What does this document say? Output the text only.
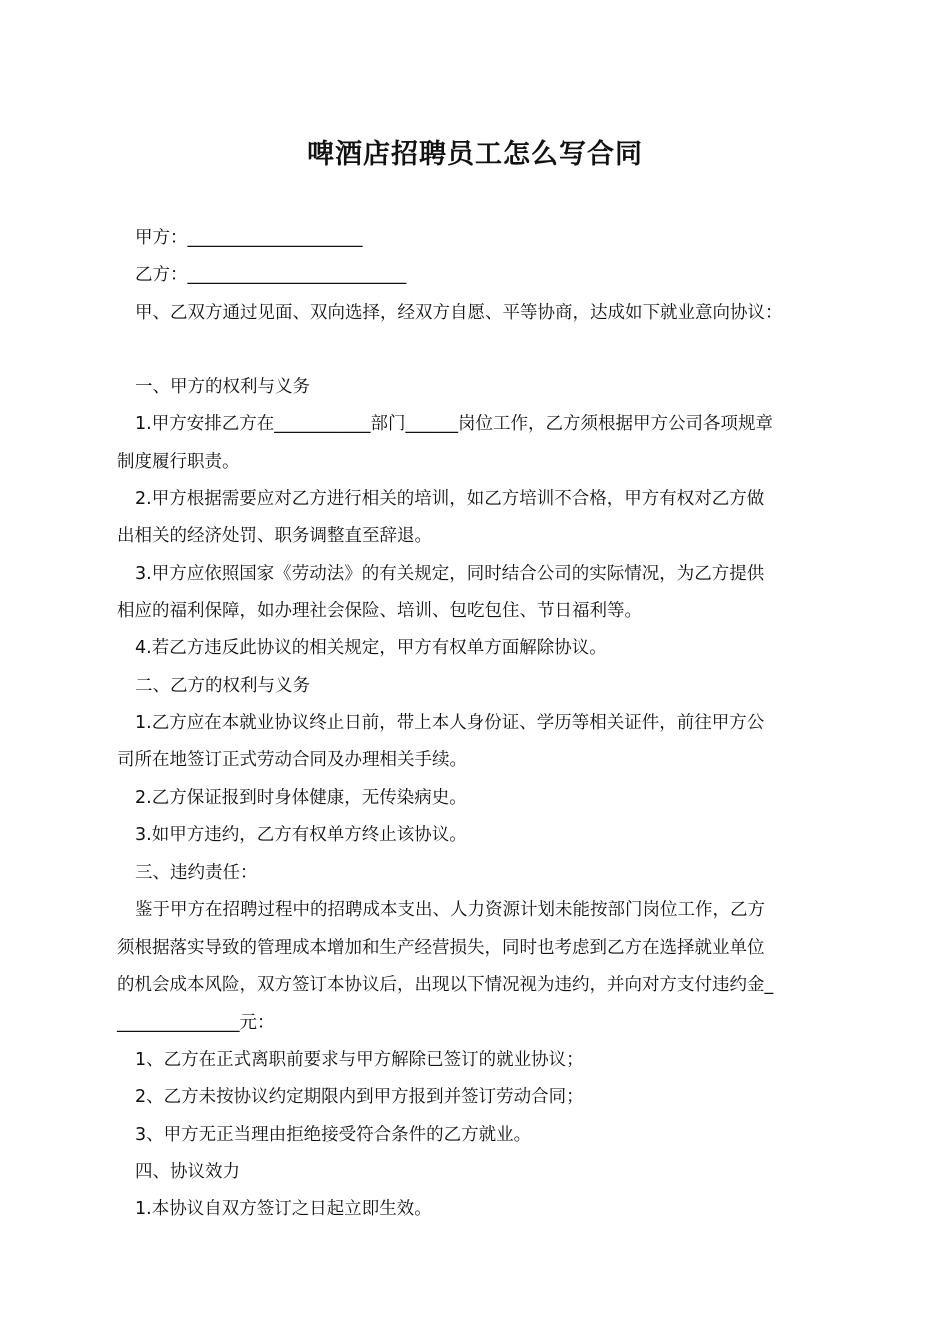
啤酒店招聘员工怎么写合同
甲方：____________________
乙方：_________________________
甲、乙双方通过见面、双向选择，经双方自愿、平等协商，达成如下就业意向协议：
一、甲方的权利与义务
1.甲方安排乙方在___________部门______岗位工作，乙方须根据甲方公司各项规章
制度履行职责。
2.甲方根据需要应对乙方进行相关的培训，如乙方培训不合格，甲方有权对乙方做
出相关的经济处罚、职务调整直至辞退。
3.甲方应依照国家《劳动法》的有关规定，同时结合公司的实际情况，为乙方提供
相应的福利保障，如办理社会保险、培训、包吃包住、节日福利等。
4.若乙方违反此协议的相关规定，甲方有权单方面解除协议。
二、乙方的权利与义务
1.乙方应在本就业协议终止日前，带上本人身份证、学历等相关证件，前往甲方公
司所在地签订正式劳动合同及办理相关手续。
2.乙方保证报到时身体健康，无传染病史。
3.如甲方违约，乙方有权单方终止该协议。
三、违约责任：
鉴于甲方在招聘过程中的招聘成本支出、人力资源计划未能按部门岗位工作，乙方
须根据落实导致的管理成本增加和生产经营损失，同时也考虑到乙方在选择就业单位
的机会成本风险，双方签订本协议后，出现以下情况视为违约，并向对方支付违约金_
______________元：
1、乙方在正式离职前要求与甲方解除已签订的就业协议；
2、乙方未按协议约定期限内到甲方报到并签订劳动合同；
3、甲方无正当理由拒绝接受符合条件的乙方就业。
四、协议效力
1.本协议自双方签订之日起立即生效。
